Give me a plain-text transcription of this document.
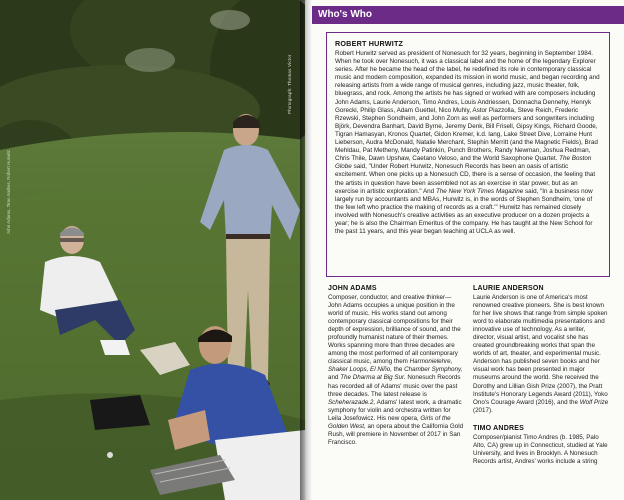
Photograph: Thomas Victor
John Adams, Timo Andres, Robert Hurwitz
Who's Who
ROBERT HURWITZ

Robert Hurwitz served as president of Nonesuch for 32 years, beginning in September 1984. When he took over Nonesuch, it was a classical label and the home of the legendary Explorer series. After he became the head of the label, he redefined its role in contemporary classical music and modern composition, expanded its mission in world music, and began recording and releasing artists from a wide range of musical genres, including jazz, music theater, folk, bluegrass, and rock. Among the artists he has signed or worked with are composers including John Adams, Laurie Anderson, Timo Andres, Louis Andriessen, Donnacha Dennehy, Henryk Gorecki, Philip Glass, Adam Guettel, Nico Muhly, Astor Piazzolla, Steve Reich, Frederic Rzewski, Stephen Sondheim, and John Zorn as well as performers and songwriters including Björk, Devendra Banhart, David Byrne, Jeremy Denk, Bill Frisell, Gipsy Kings, Richard Goode, Tigran Hamasyan, Kronos Quartet, Gidon Kremer, k.d. lang, Lake Street Dive, Lorraine Hunt Lieberson, Audra McDonald, Natalie Merchant, Stephin Merritt (and the Magnetic Fields), Brad Mehldau, Pat Metheny, Mandy Patinkin, Punch Brothers, Randy Newman, Joshua Redman, Chris Thile, Dawn Upshaw, Caetano Veloso, and the World Saxophone Quartet. The Boston Globe said, "Under Robert Hurwitz, Nonesuch Records has been an oasis of artistic excitement. When one picks up a Nonesuch CD, there is a sense of occasion, the feeling that the artists in question have been assembled not as an exercise in star power, but as an exercise in artistic exploration." And The New York Times Magazine said, "In a business now largely run by accountants and MBAs, Hurwitz is, in the words of Stephen Sondheim, 'one of the few left who practice the making of records as a craft.'" Hurwitz has remained closely involved with Nonesuch's creative activities as an executive producer on a dozen projects a year; he is also the Chairman Emeritus of the company. He has taught at the New School for the past 11 years, and this year began teaching at UCLA as well.

JOHN ADAMS

Composer, conductor, and creative thinker—John Adams occupies a unique position in the world of music. His works stand out among contemporary classical compositions for their depth of expression, brilliance of sound, and the profoundly humanist nature of their themes. Works spanning more than three decades are among the most performed of all contemporary classical music, among them Harmonielehre, Shaker Loops, El Niño, the Chamber Symphony, and The Dharma at Big Sur. Nonesuch Records has recorded all of Adams' music over the past three decades. The latest release is Scheherazade.2, Adams' latest work, a dramatic symphony for violin and orchestra written for Leila Josefowicz. His new opera, Girls of the Golden West, an opera about the California Gold Rush, will premiere in November of 2017 in San Francisco.

LAURIE ANDERSON

Laurie Anderson is one of America's most renowned creative pioneers. She is best known for her live shows that range from simple spoken word to elaborate multimedia presentations and innovative use of technology. As a writer, director, visual artist, and vocalist she has created groundbreaking works that span the worlds of art, theater, and experimental music. Anderson has published seven books and her visual work has been presented in major museums around the world. She received the Dorothy and Lillian Gish Prize (2007), the Pratt Institute's Honorary Legends Award (2011), Yoko Ono's Courage Award (2016), and the Wolf Prize (2017).

TIMO ANDRES

Composer/pianist Timo Andres (b. 1985, Palo Alto, CA) grew up in Connecticut, studied at Yale University, and lives in Brooklyn. A Nonesuch Records artist, Andres' works include a string
